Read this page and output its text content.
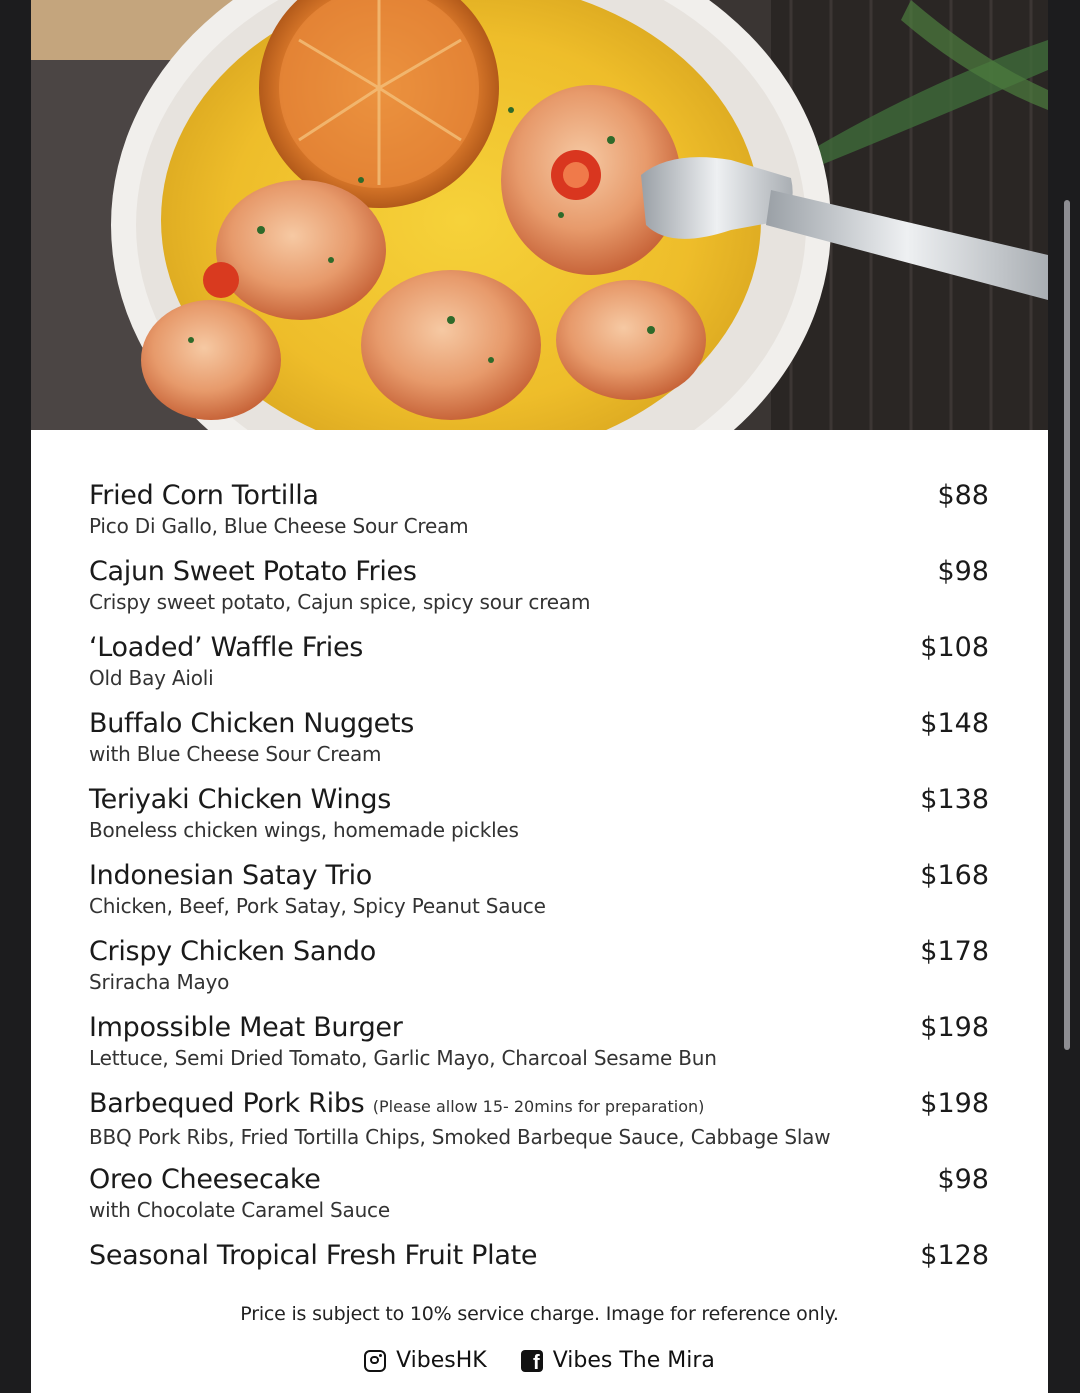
Fried Corn Tortilla
Pico Di Gallo, Blue Cheese Sour Cream
$88
Cajun Sweet Potato Fries
Crispy sweet potato, Cajun spice, spicy sour cream
$98
‘Loaded’ Waffle Fries
Old Bay Aioli
$108
Buffalo Chicken Nuggets
with Blue Cheese Sour Cream
$148
Teriyaki Chicken Wings
Boneless chicken wings, homemade pickles
$138
Indonesian Satay Trio
Chicken, Beef, Pork Satay, Spicy Peanut Sauce
$168
Crispy Chicken Sando
Sriracha Mayo
$178
Impossible Meat Burger
Lettuce, Semi Dried Tomato, Garlic Mayo, Charcoal Sesame Bun
$198
Barbequed Pork Ribs (Please allow 15- 20mins for preparation)
BBQ Pork Ribs, Fried Tortilla Chips, Smoked Barbeque Sauce, Cabbage Slaw
$198
Oreo Cheesecake
with Chocolate Caramel Sauce
$98
Seasonal Tropical Fresh Fruit Plate	$128
Price is subject to 10% service charge. Image for reference only.
VibesHK	f Vibes The Mira
